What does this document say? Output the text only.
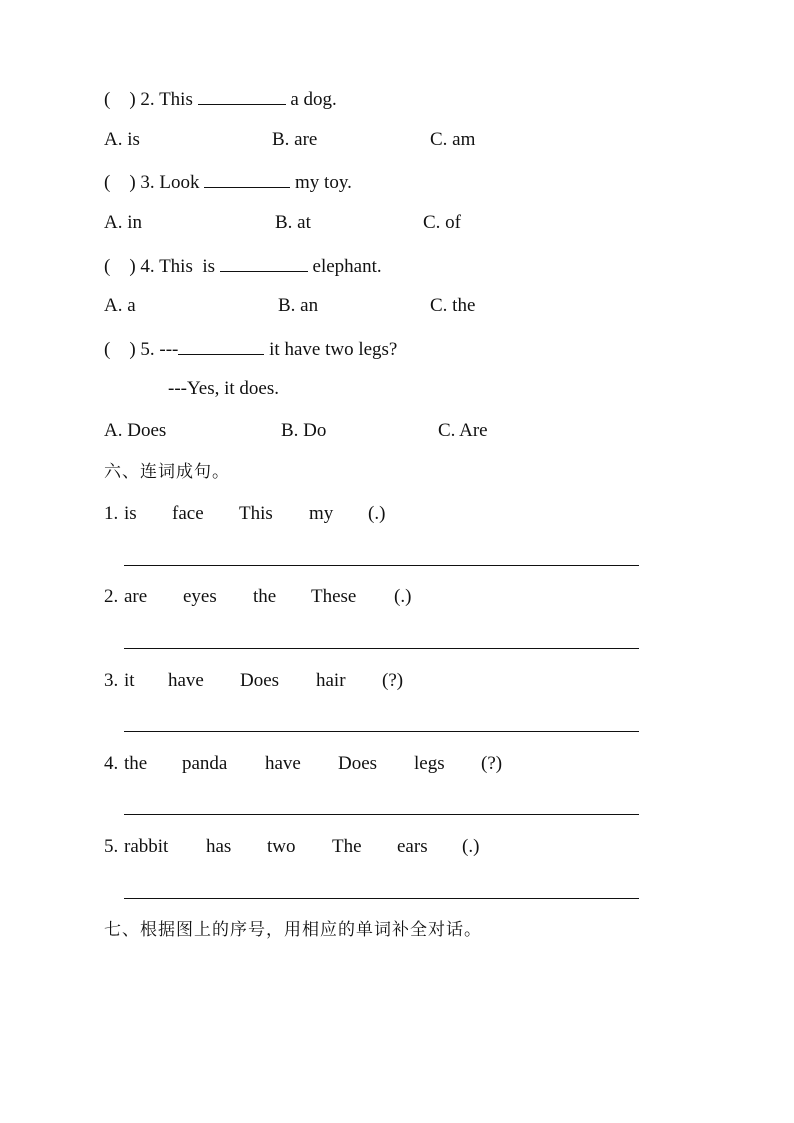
(    ) 2. This	a dog.
A. is	B. are	C. am
(    ) 3. Look	my toy.
A. in	B. at	C. of
(    ) 4. This  is	elephant.
A. a	B. an	C. the
(    ) 5. ---	it have two legs?
---Yes, it does.
A. Does	B. Do	C. Are
六、连词成句。
1. is face This my (.)
2. are eyes the These (.)
3. it have Does hair (?)
4. the panda have Does legs (?)
5. rabbit has two The ears (.)
七、根据图上的序号，用相应的单词补全对话。
